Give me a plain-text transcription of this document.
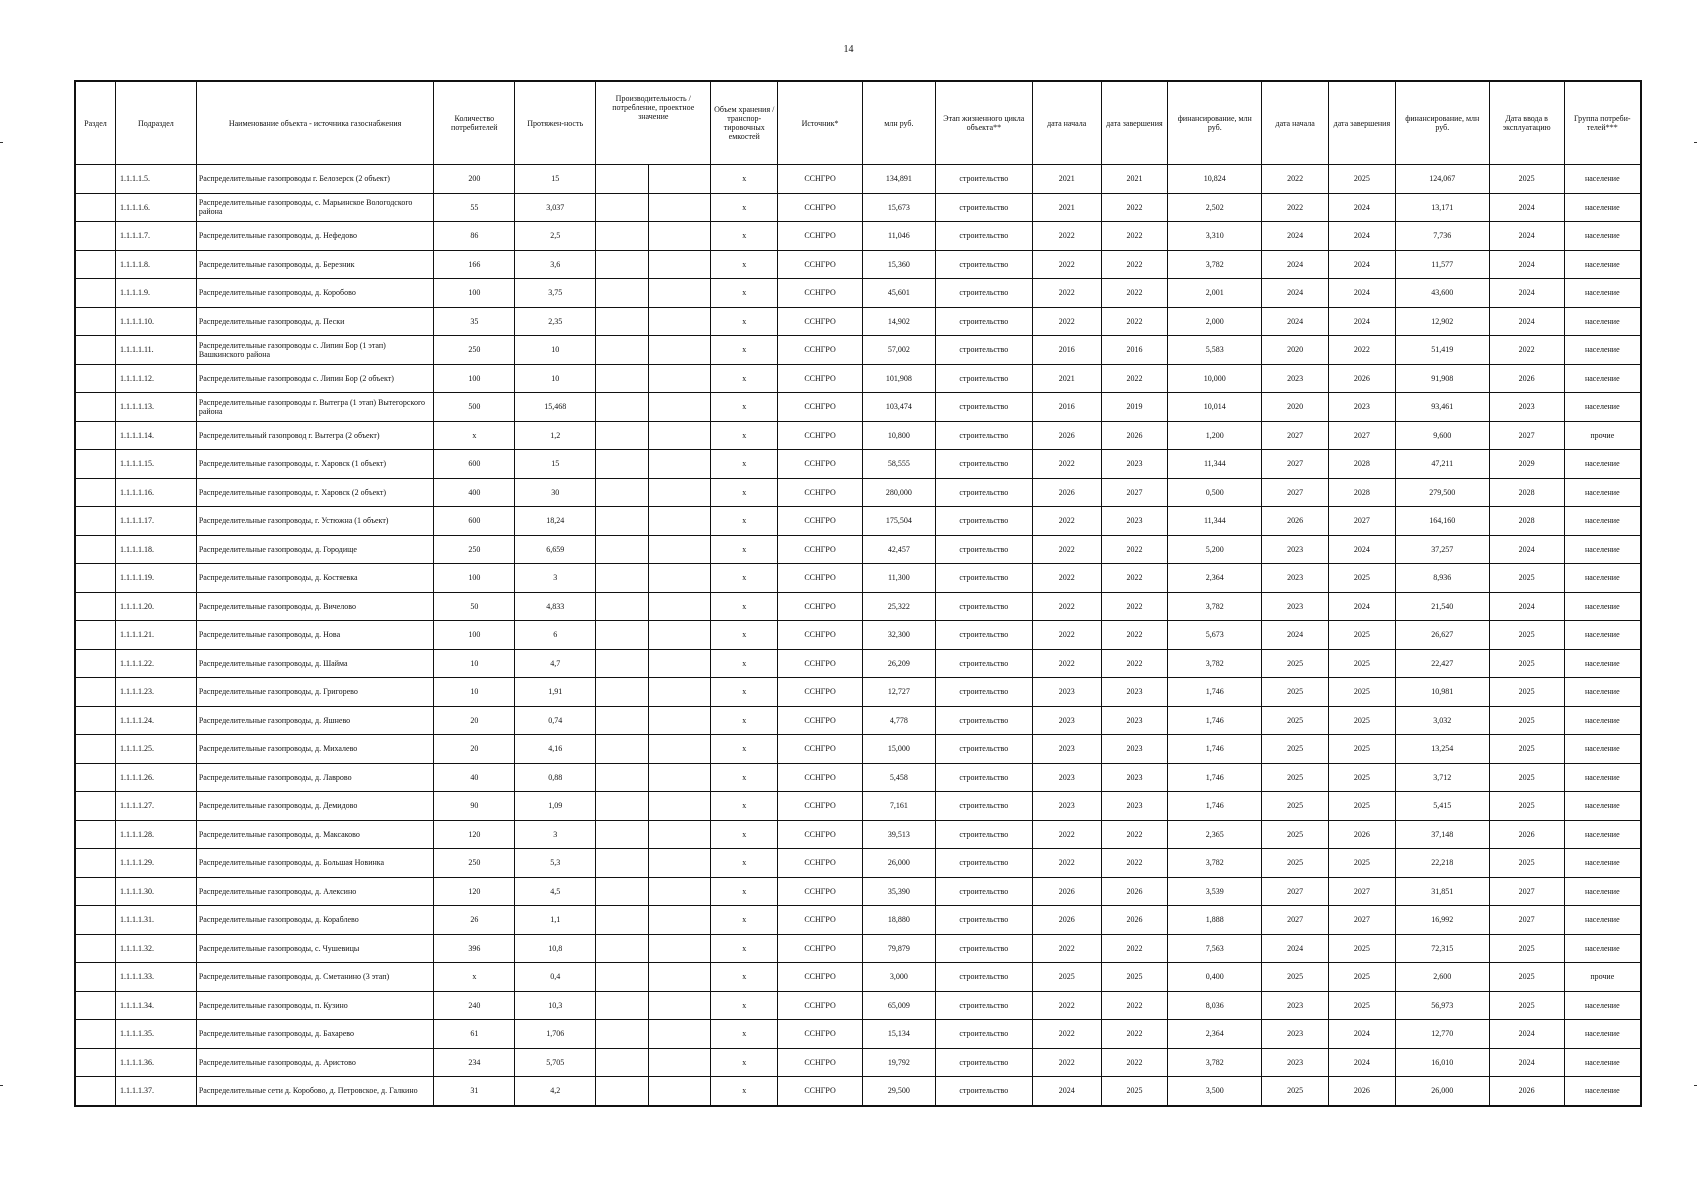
14
Раздел	Подраздел	Наименование объекта - источника газоснабжения	Количество потребителей	Протяжен-ность	Производительность / потребление, проектное значение		Объем хранения / транспор-тировочных емкостей	Источник*	млн руб.	Этап жизненного цикла объекта**	дата начала	дата завершения	финансирование, млн руб.	дата начала	дата завершения	финансирование, млн руб.	Дата ввода в эксплуатацию	Группа потреби-телей***
	1.1.1.1.5.	Распределительные газопроводы г. Белозерск (2 объект)	200	15			х	ССНГРО	134,891	строительство	2021	2021	10,824	2022	2025	124,067	2025	население
	1.1.1.1.6.	Распределительные газопроводы, с. Марьинское Вологодского района	55	3,037			х	ССНГРО	15,673	строительство	2021	2022	2,502	2022	2024	13,171	2024	население
	1.1.1.1.7.	Распределительные газопроводы, д. Нефедово	86	2,5			х	ССНГРО	11,046	строительство	2022	2022	3,310	2024	2024	7,736	2024	население
	1.1.1.1.8.	Распределительные газопроводы, д. Березник	166	3,6			х	ССНГРО	15,360	строительство	2022	2022	3,782	2024	2024	11,577	2024	население
	1.1.1.1.9.	Распределительные газопроводы, д. Коробово	100	3,75			х	ССНГРО	45,601	строительство	2022	2022	2,001	2024	2024	43,600	2024	население
	1.1.1.1.10.	Распределительные газопроводы, д. Пески	35	2,35			х	ССНГРО	14,902	строительство	2022	2022	2,000	2024	2024	12,902	2024	население
	1.1.1.1.11.	Распределительные газопроводы с. Липин Бор (1 этап) Вашкинского района	250	10			х	ССНГРО	57,002	строительство	2016	2016	5,583	2020	2022	51,419	2022	население
	1.1.1.1.12.	Распределительные газопроводы с. Липин Бор (2 объект)	100	10			х	ССНГРО	101,908	строительство	2021	2022	10,000	2023	2026	91,908	2026	население
	1.1.1.1.13.	Распределительные газопроводы г. Вытегра (1 этап) Вытегорского района	500	15,468			х	ССНГРО	103,474	строительство	2016	2019	10,014	2020	2023	93,461	2023	население
	1.1.1.1.14.	Распределительный газопровод г. Вытегра (2 объект)	х	1,2			х	ССНГРО	10,800	строительство	2026	2026	1,200	2027	2027	9,600	2027	прочие
	1.1.1.1.15.	Распределительные газопроводы, г. Харовск (1 объект)	600	15			х	ССНГРО	58,555	строительство	2022	2023	11,344	2027	2028	47,211	2029	население
	1.1.1.1.16.	Распределительные газопроводы, г. Харовск (2 объект)	400	30			х	ССНГРО	280,000	строительство	2026	2027	0,500	2027	2028	279,500	2028	население
	1.1.1.1.17.	Распределительные газопроводы, г. Устюжна (1 объект)	600	18,24			х	ССНГРО	175,504	строительство	2022	2023	11,344	2026	2027	164,160	2028	население
	1.1.1.1.18.	Распределительные газопроводы, д. Городище	250	6,659			х	ССНГРО	42,457	строительство	2022	2022	5,200	2023	2024	37,257	2024	население
	1.1.1.1.19.	Распределительные газопроводы, д. Костяевка	100	3			х	ССНГРО	11,300	строительство	2022	2022	2,364	2023	2025	8,936	2025	население
	1.1.1.1.20.	Распределительные газопроводы, д. Вичелово	50	4,833			х	ССНГРО	25,322	строительство	2022	2022	3,782	2023	2024	21,540	2024	население
	1.1.1.1.21.	Распределительные газопроводы, д. Нова	100	6			х	ССНГРО	32,300	строительство	2022	2022	5,673	2024	2025	26,627	2025	население
	1.1.1.1.22.	Распределительные газопроводы, д. Шайма	10	4,7			х	ССНГРО	26,209	строительство	2022	2022	3,782	2025	2025	22,427	2025	население
	1.1.1.1.23.	Распределительные газопроводы, д. Григорево	10	1,91			х	ССНГРО	12,727	строительство	2023	2023	1,746	2025	2025	10,981	2025	население
	1.1.1.1.24.	Распределительные газопроводы, д. Яшнево	20	0,74			х	ССНГРО	4,778	строительство	2023	2023	1,746	2025	2025	3,032	2025	население
	1.1.1.1.25.	Распределительные газопроводы, д. Михалево	20	4,16			х	ССНГРО	15,000	строительство	2023	2023	1,746	2025	2025	13,254	2025	население
	1.1.1.1.26.	Распределительные газопроводы, д. Лаврово	40	0,88			х	ССНГРО	5,458	строительство	2023	2023	1,746	2025	2025	3,712	2025	население
	1.1.1.1.27.	Распределительные газопроводы, д. Демидово	90	1,09			х	ССНГРО	7,161	строительство	2023	2023	1,746	2025	2025	5,415	2025	население
	1.1.1.1.28.	Распределительные газопроводы, д. Максаково	120	3			х	ССНГРО	39,513	строительство	2022	2022	2,365	2025	2026	37,148	2026	население
	1.1.1.1.29.	Распределительные газопроводы, д. Большая Новинка	250	5,3			х	ССНГРО	26,000	строительство	2022	2022	3,782	2025	2025	22,218	2025	население
	1.1.1.1.30.	Распределительные газопроводы, д. Алексино	120	4,5			х	ССНГРО	35,390	строительство	2026	2026	3,539	2027	2027	31,851	2027	население
	1.1.1.1.31.	Распределительные газопроводы, д. Кораблево	26	1,1			х	ССНГРО	18,880	строительство	2026	2026	1,888	2027	2027	16,992	2027	население
	1.1.1.1.32.	Распределительные газопроводы, с. Чушевицы	396	10,8			х	ССНГРО	79,879	строительство	2022	2022	7,563	2024	2025	72,315	2025	население
	1.1.1.1.33.	Распределительные газопроводы, д. Сметанино (3 этап)	х	0,4			х	ССНГРО	3,000	строительство	2025	2025	0,400	2025	2025	2,600	2025	прочие
	1.1.1.1.34.	Распределительные газопроводы, п. Кузино	240	10,3			х	ССНГРО	65,009	строительство	2022	2022	8,036	2023	2025	56,973	2025	население
	1.1.1.1.35.	Распределительные газопроводы, д. Бахарево	61	1,706			х	ССНГРО	15,134	строительство	2022	2022	2,364	2023	2024	12,770	2024	население
	1.1.1.1.36.	Распределительные газопроводы, д. Аристово	234	5,705			х	ССНГРО	19,792	строительство	2022	2022	3,782	2023	2024	16,010	2024	население
	1.1.1.1.37.	Распределительные сети д. Коробово, д. Петровское, д. Галкино	31	4,2			х	ССНГРО	29,500	строительство	2024	2025	3,500	2025	2026	26,000	2026	население
